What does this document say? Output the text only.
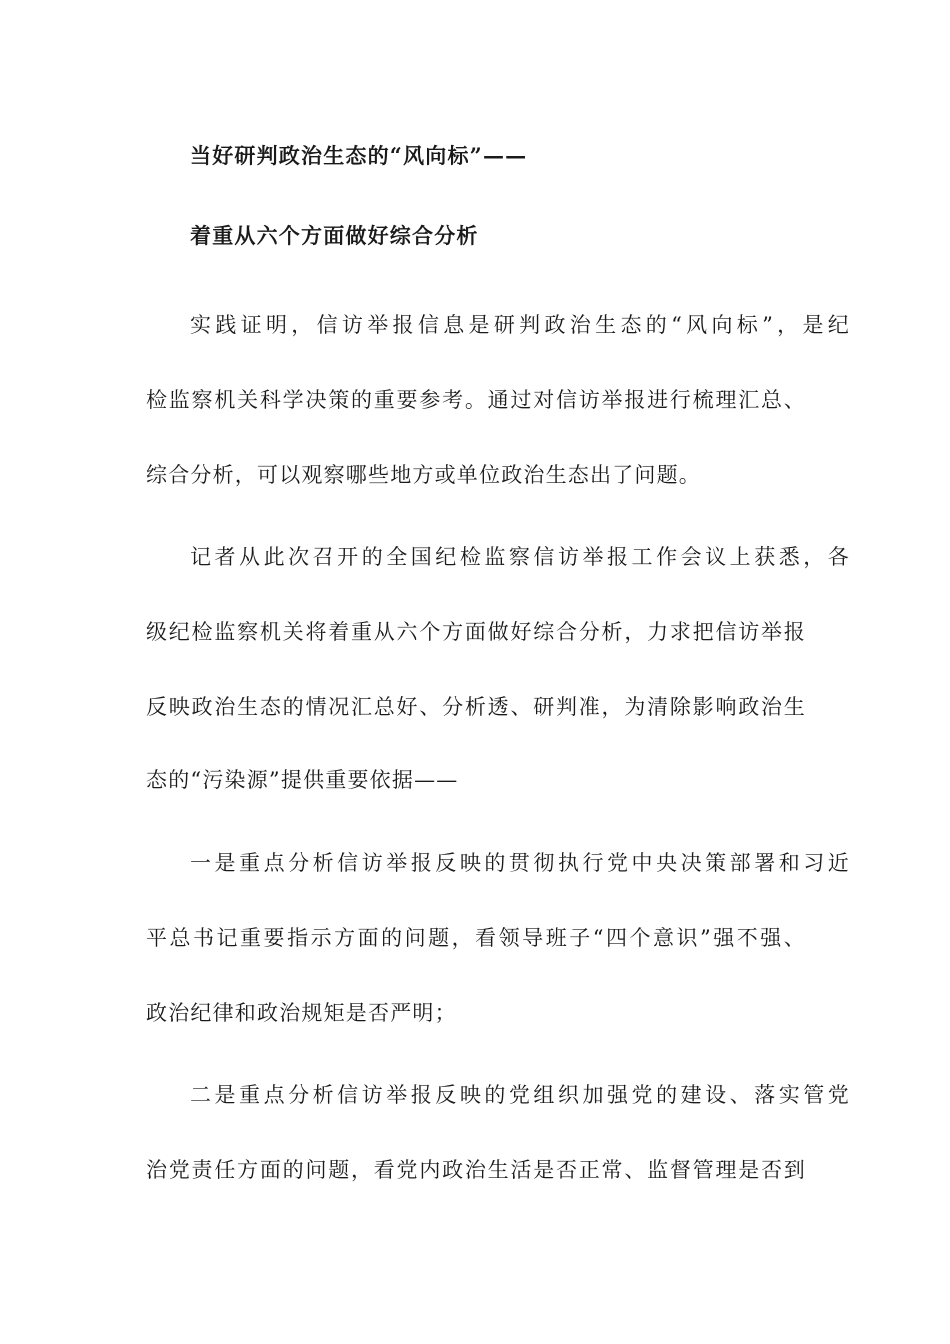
当好研判政治生态的“风向标”——
着重从六个方面做好综合分析
实践证明，信访举报信息是研判政治生态的“风向标”，是纪
检监察机关科学决策的重要参考。通过对信访举报进行梳理汇总、
综合分析，可以观察哪些地方或单位政治生态出了问题。
记者从此次召开的全国纪检监察信访举报工作会议上获悉，各
级纪检监察机关将着重从六个方面做好综合分析，力求把信访举报
反映政治生态的情况汇总好、分析透、研判准，为清除影响政治生
态的“污染源”提供重要依据——
一是重点分析信访举报反映的贯彻执行党中央决策部署和习近
平总书记重要指示方面的问题，看领导班子“四个意识”强不强、
政治纪律和政治规矩是否严明；
二是重点分析信访举报反映的党组织加强党的建设、落实管党
治党责任方面的问题，看党内政治生活是否正常、监督管理是否到
